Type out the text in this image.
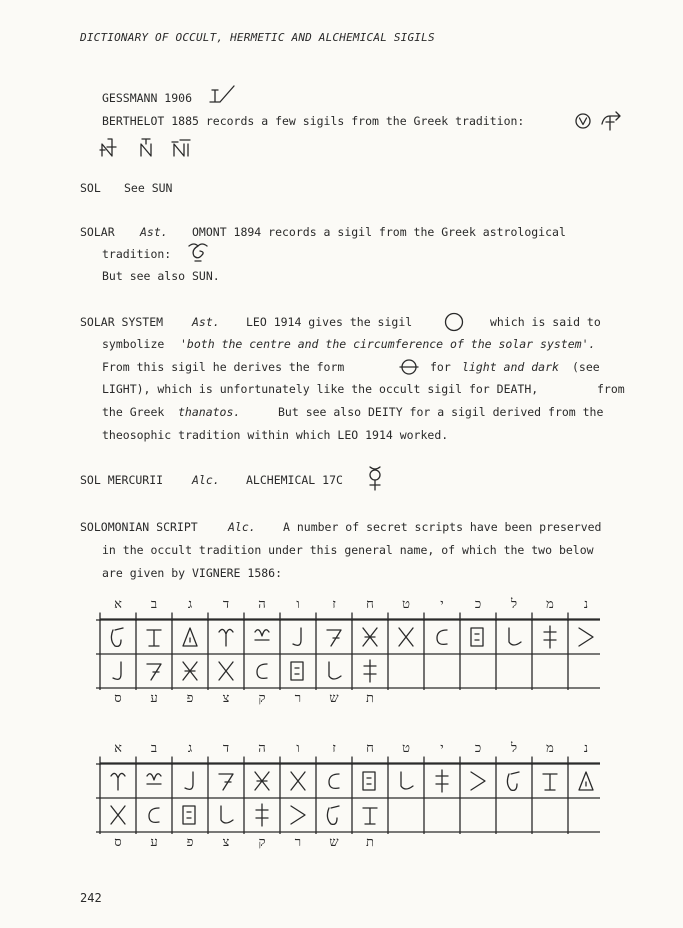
DICTIONARY OF OCCULT, HERMETIC AND ALCHEMICAL SIGILS
GESSMANN 1906
BERTHELOT 1885 records a few sigils from the Greek tradition:
SOL See SUN
SOLAR Ast. OMONT 1894 records a sigil from the Greek astrological
tradition:
But see also SUN.
SOLAR SYSTEM	Ast. LEO 1914 gives the sigil	which is said to
symbolize 'both the centre and the circumference of the solar system'.
From this sigil he derives the form	for light and dark (see
LIGHT), which is unfortunately like the occult sigil for DEATH,	from
the Greek thanatos.	But see also DEITY for a sigil derived from the
theosophic tradition within which LEO 1914 worked.
SOL MERCURII	Alc. ALCHEMICAL 17C
SOLOMONIAN SCRIPT	Alc. A number of secret scripts have been preserved
in the occult tradition under this general name, of which the two below
are given by VIGNERE 1586:
א	ב	ג	ד	ה	ו	ז	ח	ט	י	כ	ל	מ	נ
ס	ע	פ	צ	ק	ר	ש	ת
א	ב	ג	ד	ה	ו	ז	ח	ט	י	כ	ל	מ	נ
ס	ע	פ	צ	ק	ר	ש	ת
242
